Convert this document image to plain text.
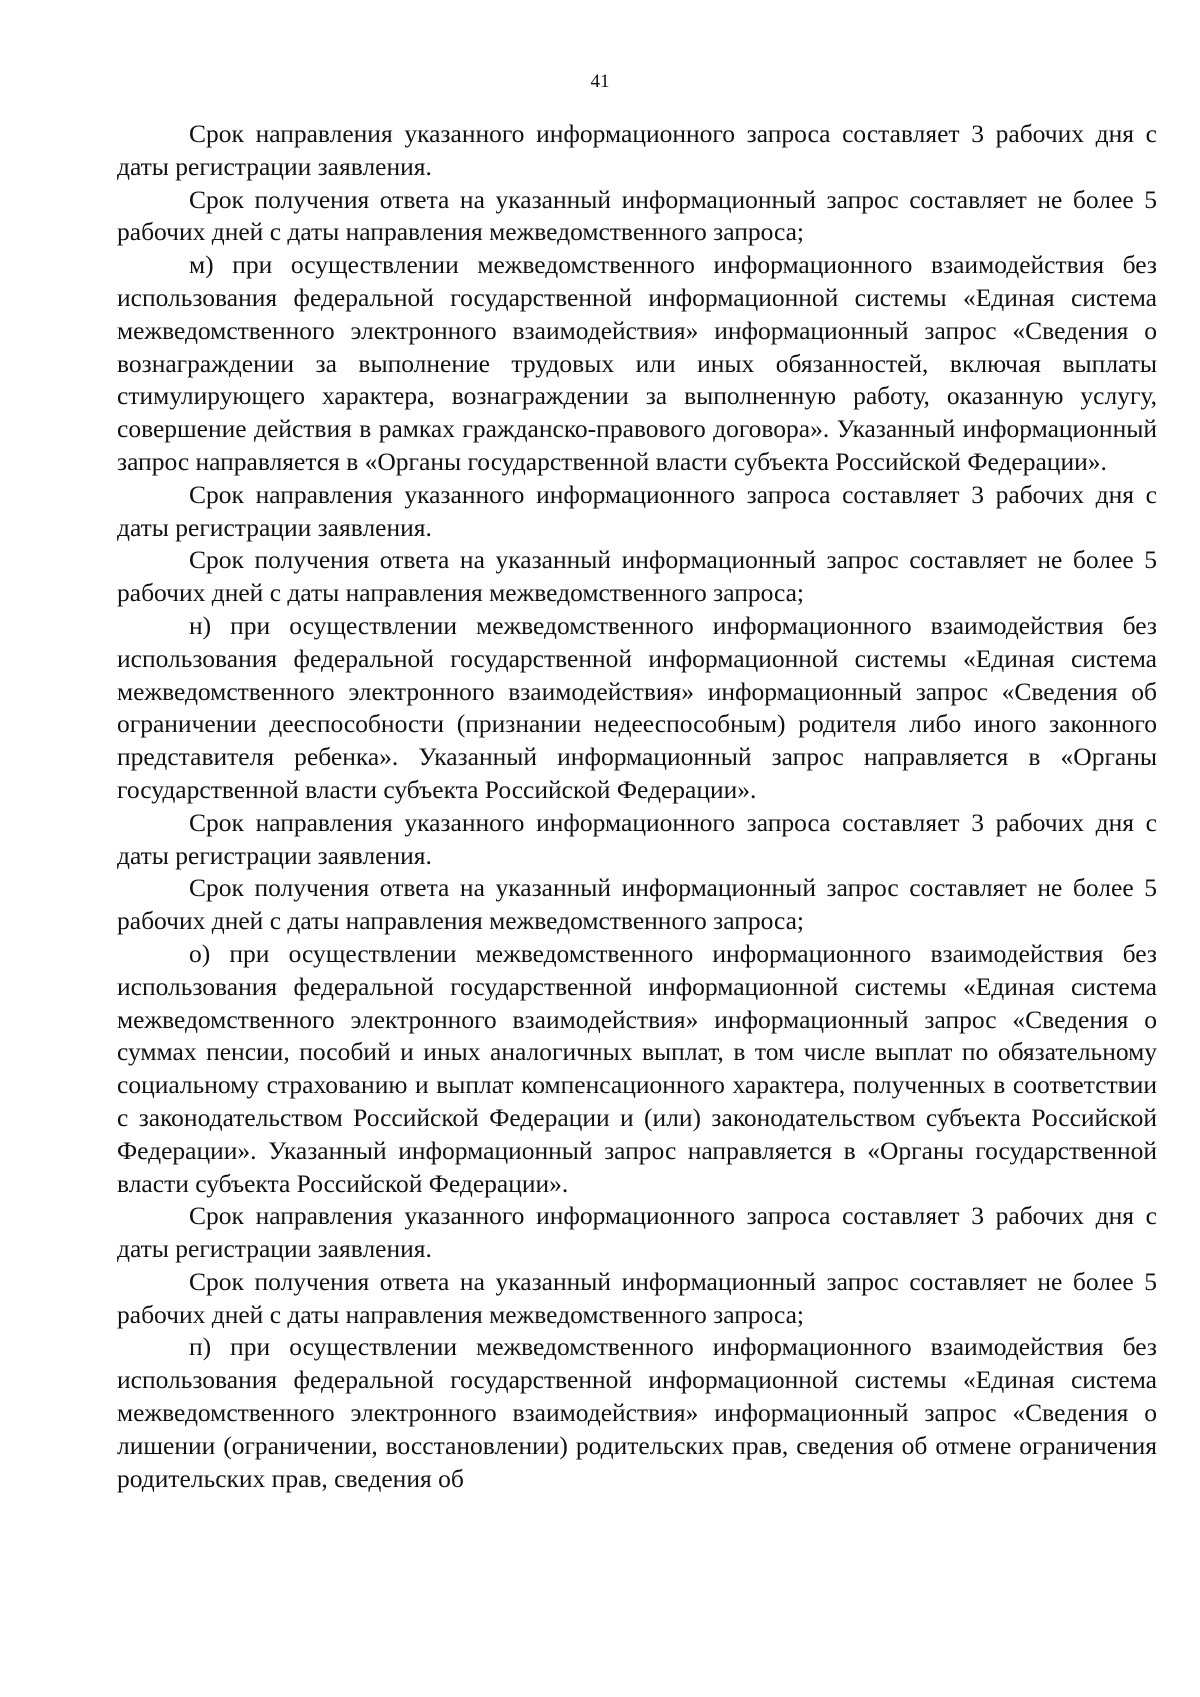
41

Срок направления указанного информационного запроса составляет 3 рабочих дня с даты регистрации заявления.

Срок получения ответа на указанный информационный запрос составляет не более 5 рабочих дней с даты направления межведомственного запроса;

м) при осуществлении межведомственного информационного взаимодействия без использования федеральной государственной информационной системы «Единая система межведомственного электронного взаимодействия» информационный запрос «Сведения о вознаграждении за выполнение трудовых или иных обязанностей, включая выплаты стимулирующего характера, вознаграждении за выполненную работу, оказанную услугу, совершение действия в рамках гражданско-правового договора». Указанный информационный запрос направляется в «Органы государственной власти субъекта Российской Федерации».

Срок направления указанного информационного запроса составляет 3 рабочих дня с даты регистрации заявления.

Срок получения ответа на указанный информационный запрос составляет не более 5 рабочих дней с даты направления межведомственного запроса;

н) при осуществлении межведомственного информационного взаимодействия без использования федеральной государственной информационной системы «Единая система межведомственного электронного взаимодействия» информационный запрос «Сведения об ограничении дееспособности (признании недееспособным) родителя либо иного законного представителя ребенка». Указанный информационный запрос направляется в «Органы государственной власти субъекта Российской Федерации».

Срок направления указанного информационного запроса составляет 3 рабочих дня с даты регистрации заявления.

Срок получения ответа на указанный информационный запрос составляет не более 5 рабочих дней с даты направления межведомственного запроса;

о) при осуществлении межведомственного информационного взаимодействия без использования федеральной государственной информационной системы «Единая система межведомственного электронного взаимодействия» информационный запрос «Сведения о суммах пенсии, пособий и иных аналогичных выплат, в том числе выплат по обязательному социальному страхованию и выплат компенсационного характера, полученных в соответствии с законодательством Российской Федерации и (или) законодательством субъекта Российской Федерации». Указанный информационный запрос направляется в «Органы государственной власти субъекта Российской Федерации».

Срок направления указанного информационного запроса составляет 3 рабочих дня с даты регистрации заявления.

Срок получения ответа на указанный информационный запрос составляет не более 5 рабочих дней с даты направления межведомственного запроса;

п) при осуществлении межведомственного информационного взаимодействия без использования федеральной государственной информационной системы «Единая система межведомственного электронного взаимодействия» информационный запрос «Сведения о лишении (ограничении, восстановлении) родительских прав, сведения об отмене ограничения родительских прав, сведения об
